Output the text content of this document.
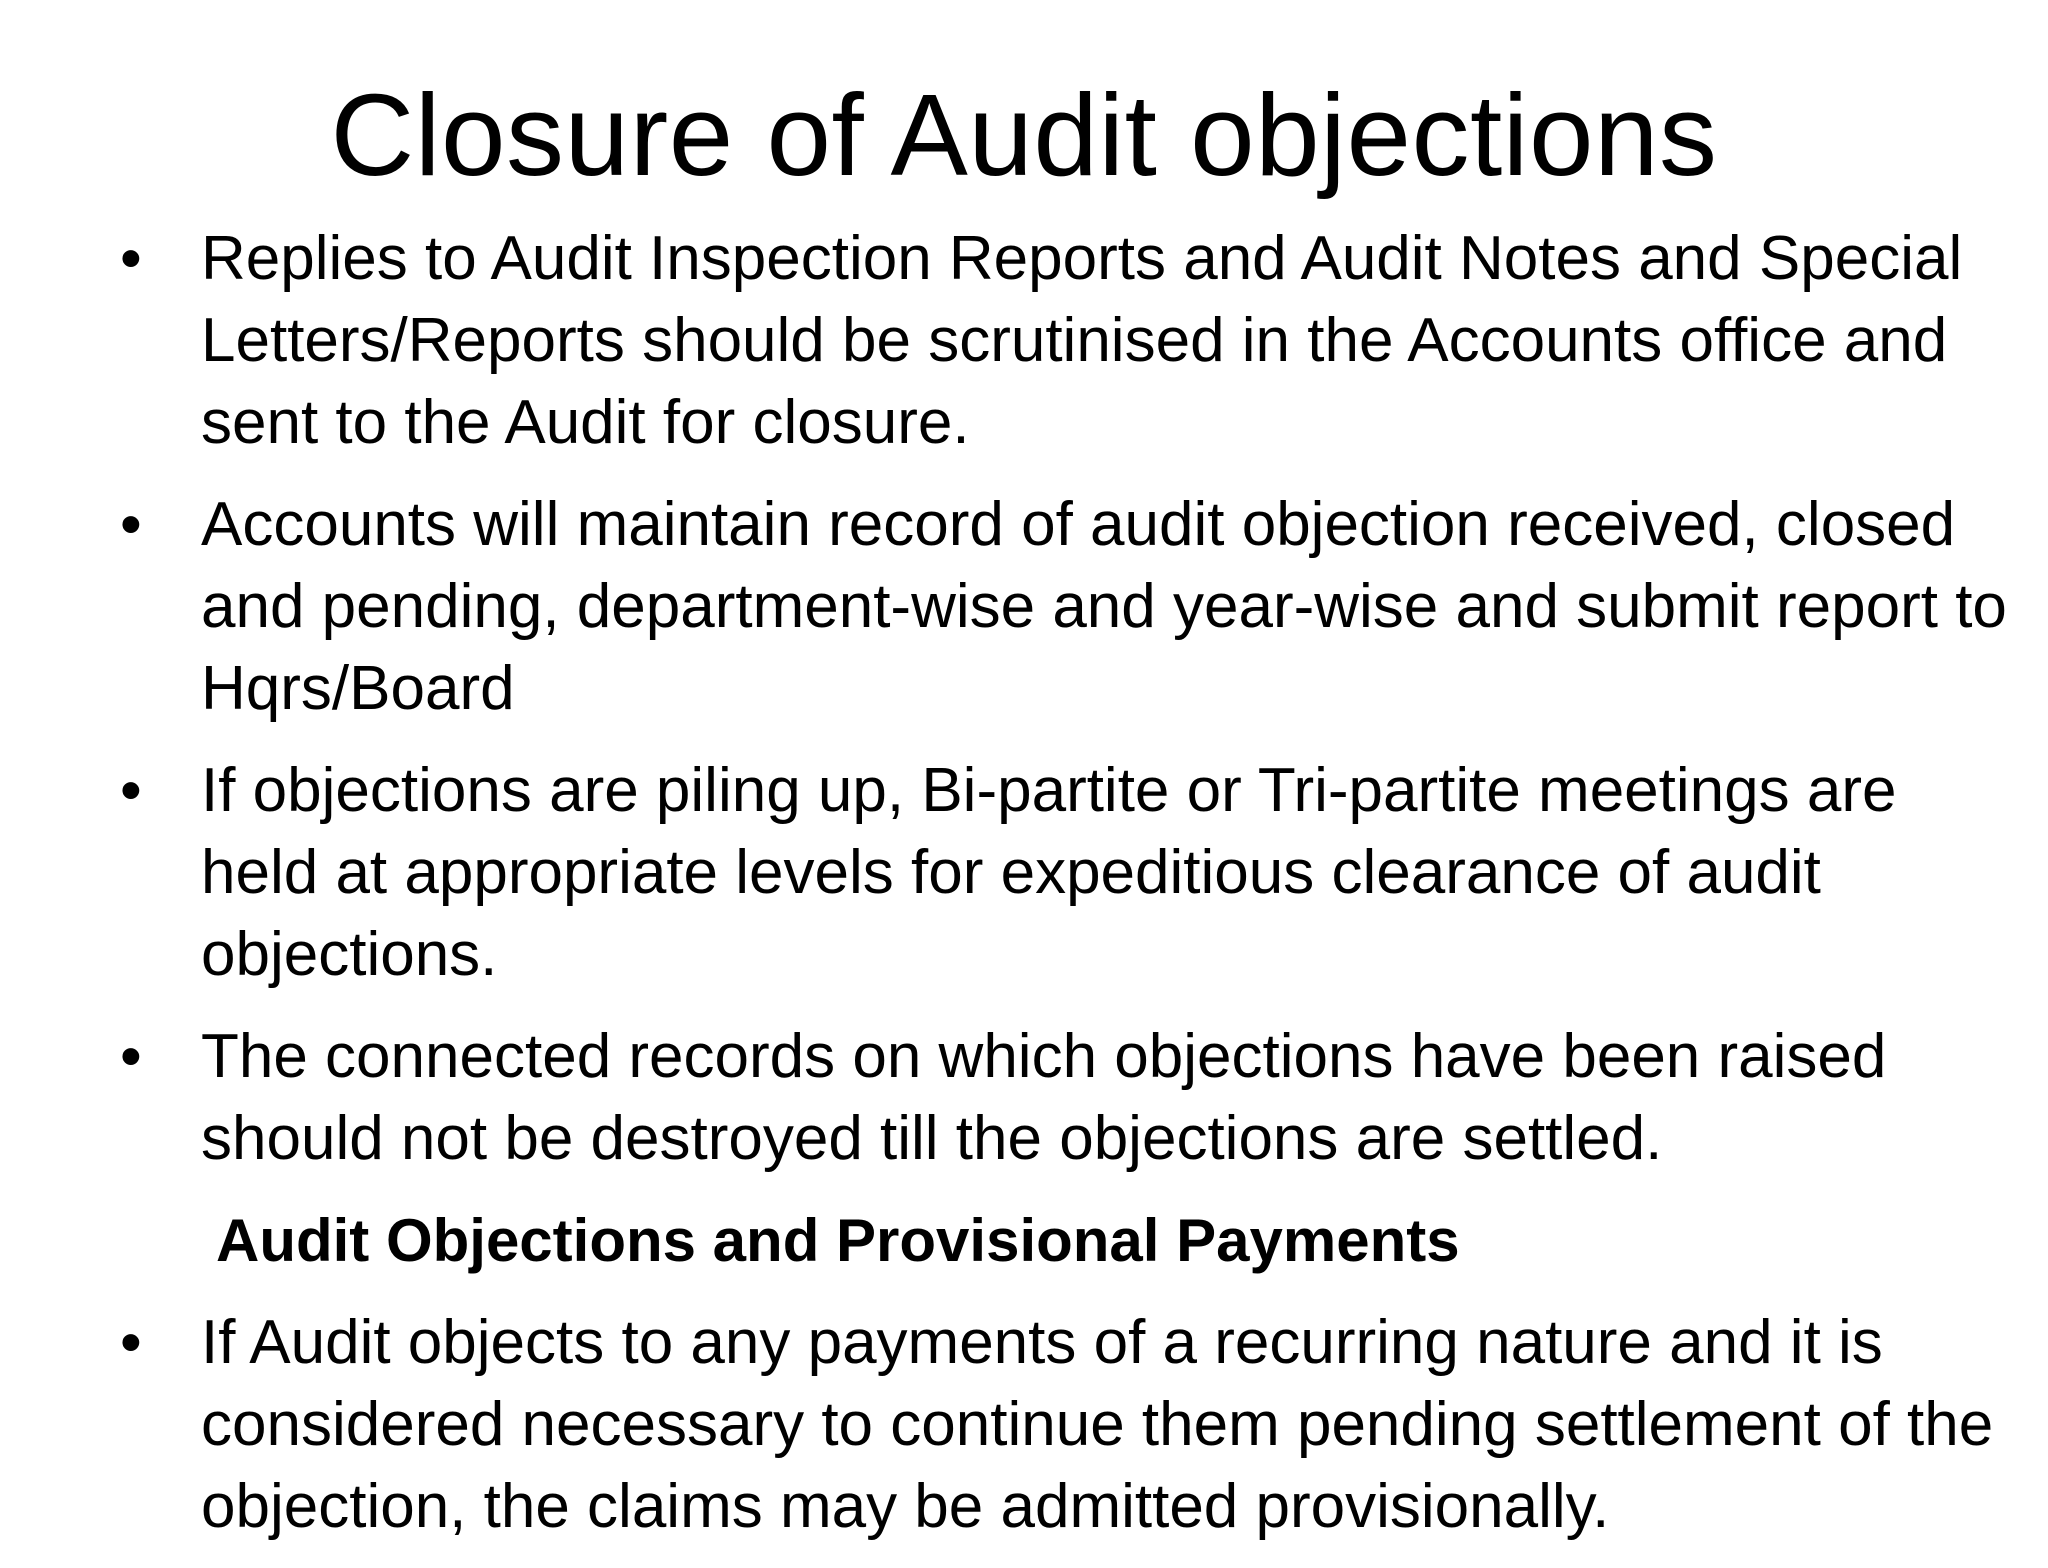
Closure of Audit objections
• Replies to Audit Inspection Reports and Audit Notes and Special Letters/Reports should be scrutinised in the Accounts office and sent to the Audit for closure.
• Accounts will maintain record of audit objection received, closed and pending, department-wise and year-wise and submit report to Hqrs/Board
• If objections are piling up, Bi-partite or Tri-partite meetings are held at appropriate levels for expeditious clearance of audit objections.
• The connected records on which objections have been raised should not be destroyed till the objections are settled.
Audit Objections and Provisional Payments
• If Audit objects to any payments of a recurring nature and it is considered necessary to continue them pending settlement of the objection, the claims may be admitted provisionally.
